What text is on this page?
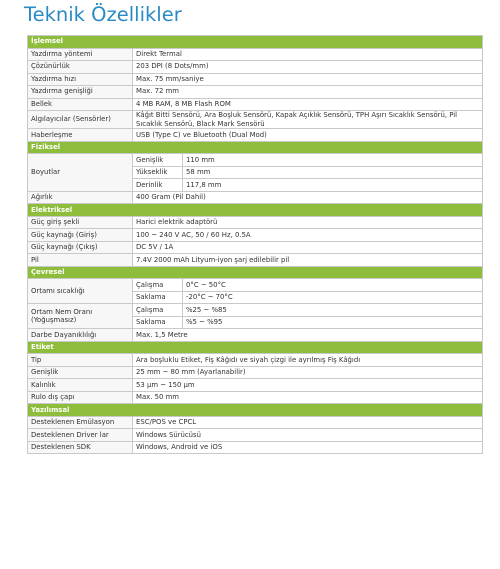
Teknik Özellikler
İşlemsel		
Yazdırma yöntemi	Direkt Termal	
Çözünürlük	203 DPI (8 Dots/mm)	
Yazdırma hızı	Max. 75 mm/saniye	
Yazdırma genişliği	Max. 72 mm	
Bellek	4 MB RAM, 8 MB Flash ROM	
Algılayıcılar (Sensörler)	Kâğıt Bitti Sensörü, Ara Boşluk Sensörü, Kapak Açıklık Sensörü, TPH Aşırı Sıcaklık Sensörü, Pil Sıcaklık Sensörü, Black Mark Sensörü	
Haberleşme	USB (Type C) ve Bluetooth (Dual Mod)	
Fiziksel		
Boyutlar	Genişlik	110 mm
	Yükseklik	58 mm
	Derinlik	117,8 mm
Ağırlık	400 Gram (Pil Dahil)	
Elektriksel		
Güç giriş şekli	Harici elektrik adaptörü	
Güç kaynağı (Giriş)	100 ~ 240 V AC, 50 / 60 Hz, 0.5A	
Güç kaynağı (Çıkış)	DC 5V / 1A	
Pil	7.4V 2000 mAh Lityum-iyon şarj edilebilir pil	
Çevresel		
Ortamı sıcaklığı	Çalışma	0°C ~ 50°C
	Saklama	-20°C ~ 70°C
Ortam Nem Oranı (Yoğuşmasız)	Çalışma	%25 ~ %85
	Saklama	%5 ~ %95
Darbe Dayanıklılığı	Max. 1,5 Metre	
Etiket		
Tip	Ara boşluklu Etiket, Fiş Kâğıdı ve siyah çizgi ile ayrılmış Fiş Kâğıdı	
Genişlik	25 mm ~ 80 mm (Ayarlanabilir)	
Kalınlık	53 µm ~ 150 µm	
Rulo dış çapı	Max. 50 mm	
Yazılımsal		
Desteklenen Emülasyon	ESC/POS ve CPCL	
Desteklenen Driver lar	Windows Sürücüsü	
Desteklenen SDK	Windows, Android ve iOS	
